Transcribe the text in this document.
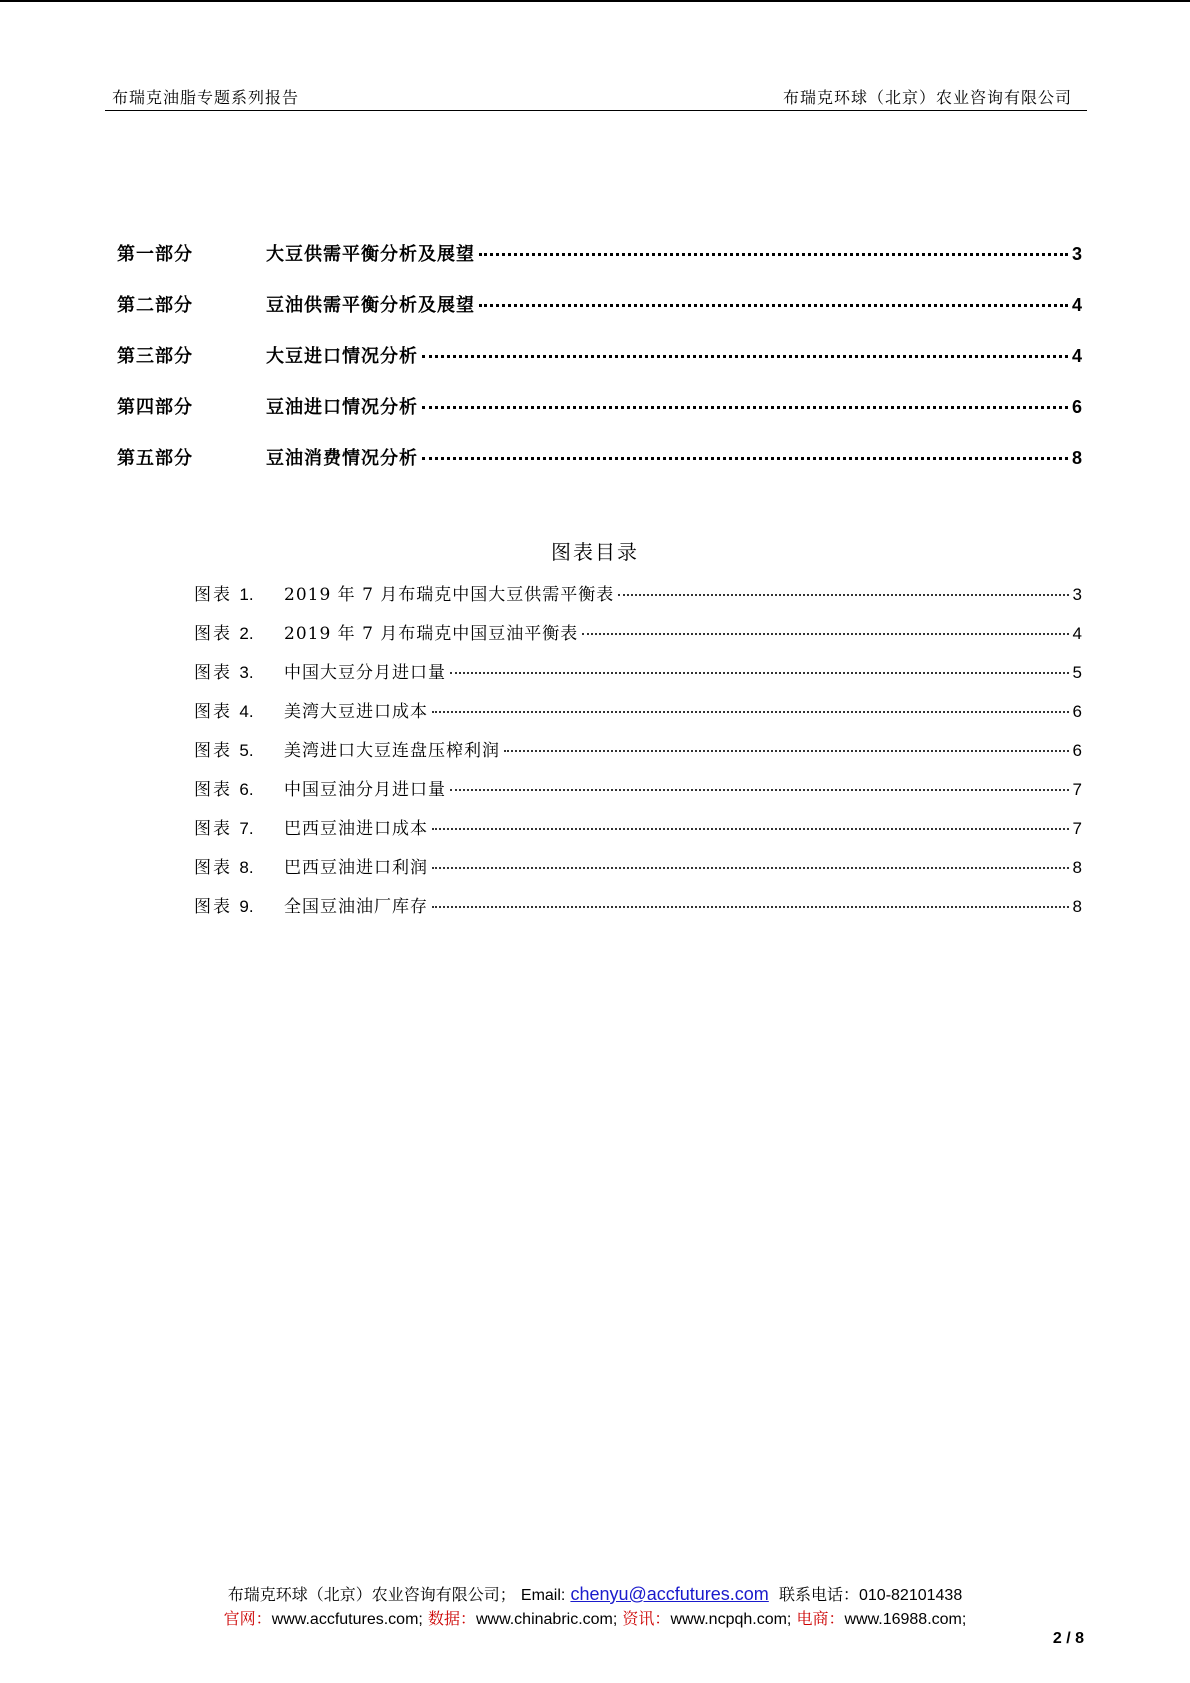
布瑞克油脂专题系列报告	布瑞克环球（北京）农业咨询有限公司
第一部分	大豆供需平衡分析及展望	3
第二部分	豆油供需平衡分析及展望	4
第三部分	大豆进口情况分析	4
第四部分	豆油进口情况分析	6
第五部分	豆油消费情况分析	8
图表目录
图表 1. 2019 年 7 月布瑞克中国大豆供需平衡表	3
图表 2. 2019 年 7 月布瑞克中国豆油平衡表	4
图表 3. 中国大豆分月进口量	5
图表 4. 美湾大豆进口成本	6
图表 5. 美湾进口大豆连盘压榨利润	6
图表 6. 中国豆油分月进口量	7
图表 7. 巴西豆油进口成本	7
图表 8. 巴西豆油进口利润	8
图表 9. 全国豆油油厂库存	8
布瑞克环球（北京）农业咨询有限公司； Email: chenyu@accfutures.com 联系电话：010-82101438
官网：www.accfutures.com; 数据：www.chinabric.com; 资讯：www.ncpqh.com; 电商：www.16988.com;
2 / 8
